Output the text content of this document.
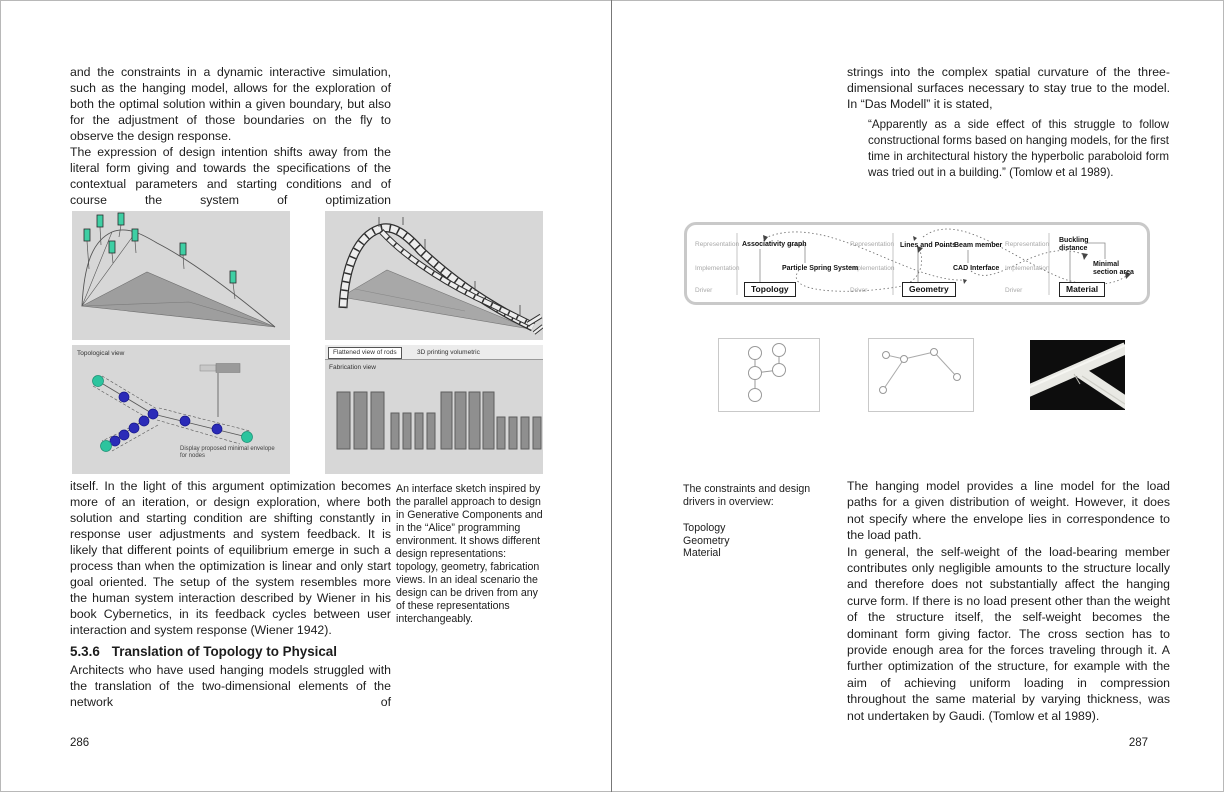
and the constraints in a dynamic interactive simulation, such as the hanging model, allows for the exploration of both the optimal solution within a given boundary, but also for the adjustment of those boundaries on the fly to observe the design response.

The expression of design intention shifts away from the literal form giving and towards the specifications of the contextual parameters and starting conditions and of course the system of optimization

Topological view
Display proposed minimal envelope for nodes
Flattened view of rods	3D printing volumetric
Fabrication view
An interface sketch inspired by the parallel approach to design in Generative Components and in the “Alice” programming environment. It shows different design representations: topology, geometry, fabrication views. In an ideal scenario the design can be driven from any of these representations interchangeably.

itself. In the light of this argument optimization becomes more of an iteration, or design exploration, where both solution and starting condition are shifting constantly in response user adjustments and system feedback. It is likely that different points of equilibrium emerge in such a process than when the optimization is linear and only start goal oriented. The setup of the system resembles more the human system interaction described by Wiener in his book Cybernetics, in its feedback cycles between user interaction and system response (Wiener 1942).

5.3.6 Translation of Topology to Physical

Architects who have used hanging models struggled with the translation of the two-dimensional elements of the network of

286

strings into the complex spatial curvature of the three-dimensional surfaces necessary to stay true to the model. In “Das Modell” it is stated,

“Apparently as a side effect of this struggle to follow constructional forms based on hanging models, for the first time in architectural history the hyperbolic paraboloid form was tried out in a building.” (Tomlow et al 1989).
Representation
Implementation
Driver
Representation
Implementation
Driver
Representation
Implementation
Driver
Associativity graph
Particle Spring System
Topology
Lines and Points
Beam member
CAD Interface
Geometry
Buckling distance
Minimal section area
Material
The constraints and design drivers in overview:
Topology
Geometry
Material

The hanging model provides a line model for the load paths for a given distribution of weight. However, it does not specify where the envelope lies in correspondence to the load path.

In general, the self-weight of the load-bearing member contributes only negligible amounts to the structure locally and therefore does not substantially affect the hanging curve form. If there is no load present other than the weight of the structure itself, the self-weight becomes the dominant form giving factor. The cross section has to provide enough area for the forces traveling through it. A further optimization of the structure, for example with the aim of achieving uniform loading in compression throughout the same material by varying thickness, was not undertaken by Gaudi. (Tomlow et al 1989).

287
